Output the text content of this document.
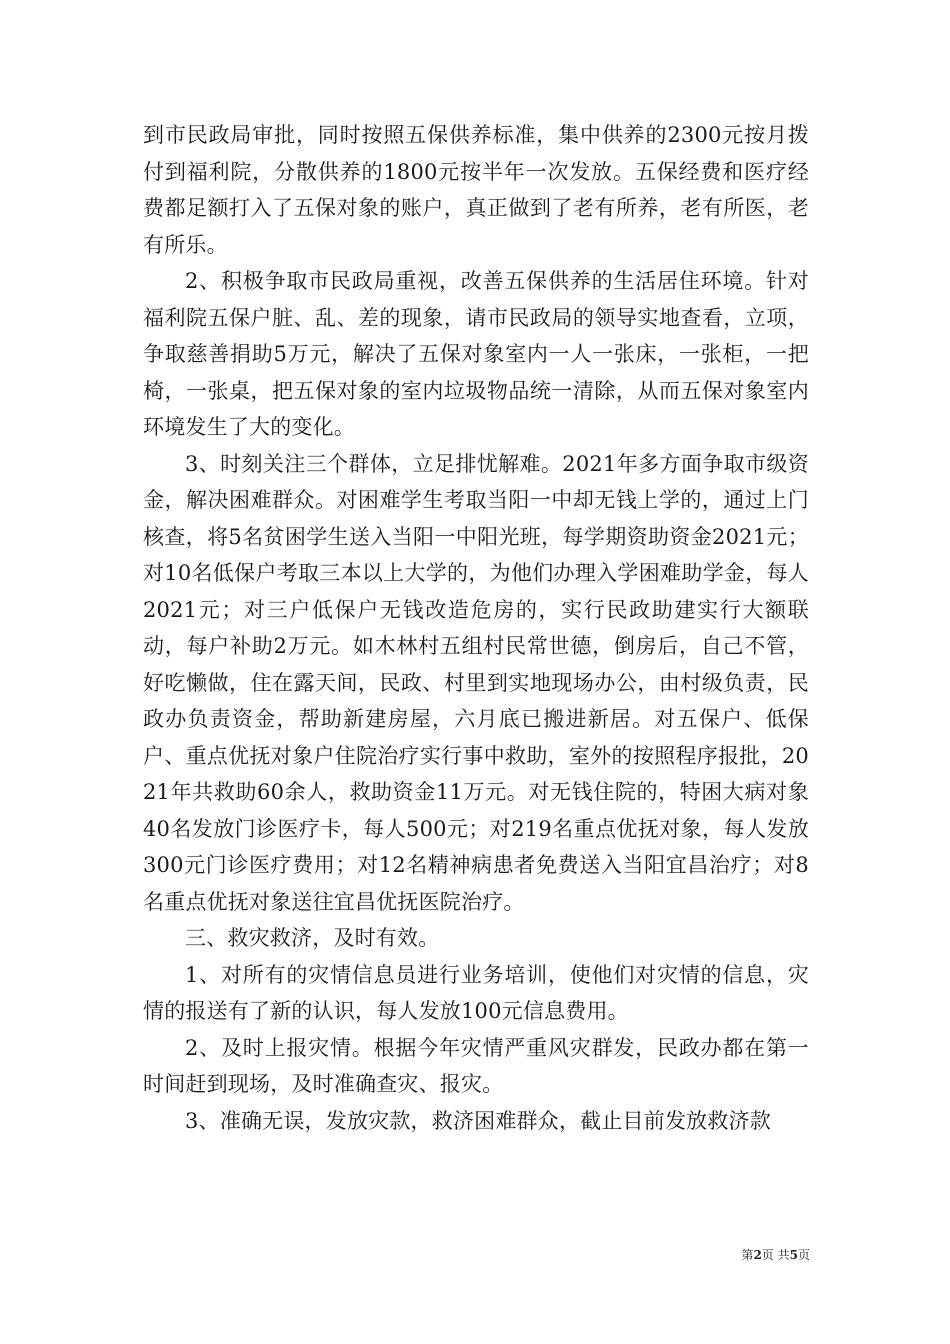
到市民政局审批，同时按照五保供养标准，集中供养的2300元按月拨付到福利院，分散供养的1800元按半年一次发放。五保经费和医疗经费都足额打入了五保对象的账户，真正做到了老有所养，老有所医，老有所乐。

2、积极争取市民政局重视，改善五保供养的生活居住环境。针对福利院五保户脏、乱、差的现象，请市民政局的领导实地查看，立项，争取慈善捐助5万元，解决了五保对象室内一人一张床，一张柜，一把椅，一张桌，把五保对象的室内垃圾物品统一清除，从而五保对象室内环境发生了大的变化。

3、时刻关注三个群体，立足排忧解难。2021年多方面争取市级资金，解决困难群众。对困难学生考取当阳一中却无钱上学的，通过上门核查，将5名贫困学生送入当阳一中阳光班，每学期资助资金2021元；对10名低保户考取三本以上大学的，为他们办理入学困难助学金，每人2021元；对三户低保户无钱改造危房的，实行民政助建实行大额联动，每户补助2万元。如木林村五组村民常世德，倒房后，自己不管，好吃懒做，住在露天间，民政、村里到实地现场办公，由村级负责，民政办负责资金，帮助新建房屋，六月底已搬进新居。对五保户、低保户、重点优抚对象户住院治疗实行事中救助，室外的按照程序报批，2021年共救助60余人，救助资金11万元。对无钱住院的，特困大病对象40名发放门诊医疗卡，每人500元；对219名重点优抚对象，每人发放300元门诊医疗费用；对12名精神病患者免费送入当阳宜昌治疗；对8名重点优抚对象送往宜昌优抚医院治疗。

三、救灾救济，及时有效。

1、对所有的灾情信息员进行业务培训，使他们对灾情的信息，灾情的报送有了新的认识，每人发放100元信息费用。

2、及时上报灾情。根据今年灾情严重风灾群发，民政办都在第一时间赶到现场，及时准确查灾、报灾。

3、准确无误，发放灾款，救济困难群众，截止目前发放救济款

第2页 共5页
